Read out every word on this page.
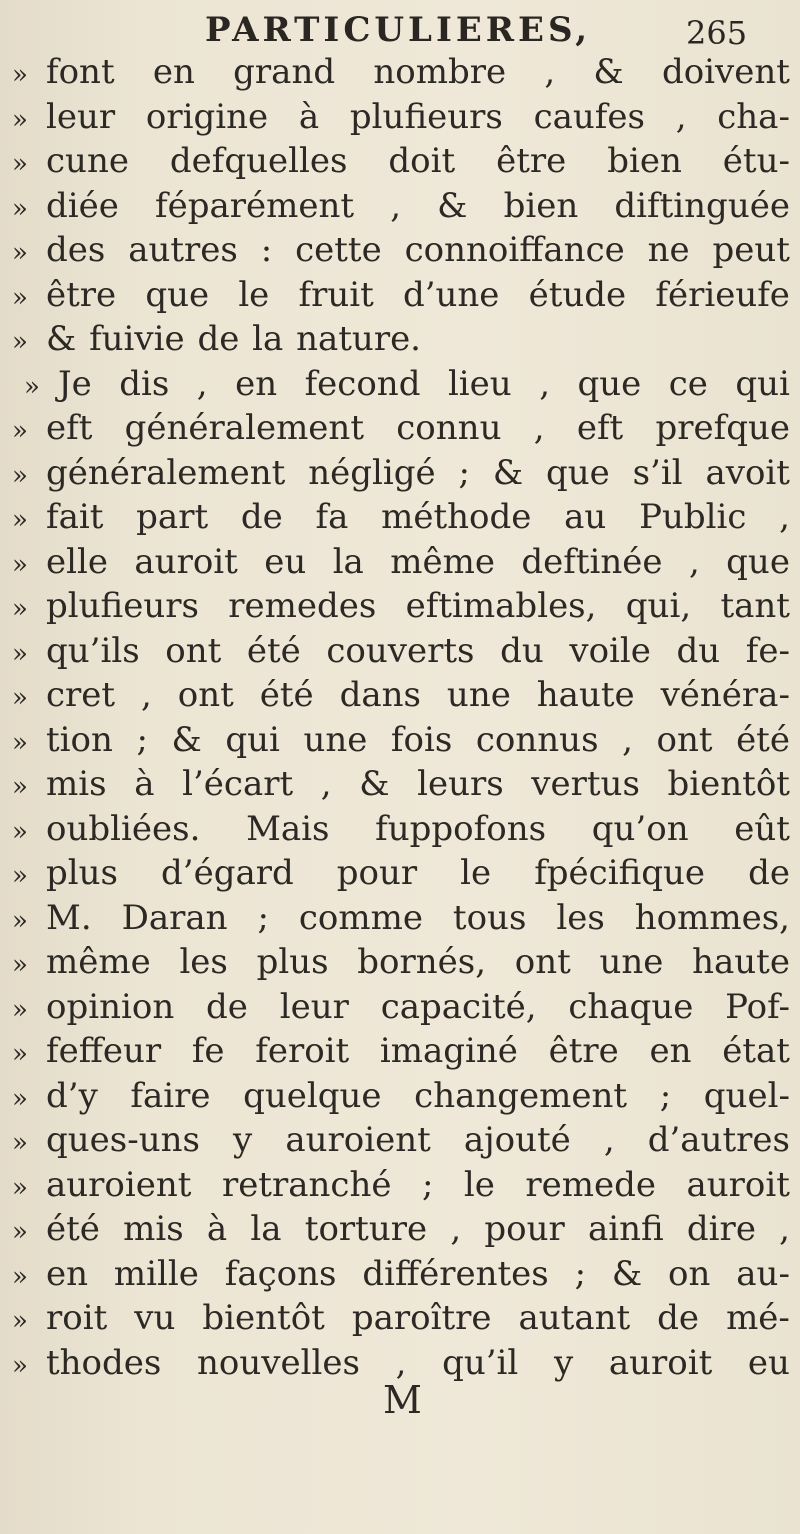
PARTICULIERES,	265
» font en grand nombre , & doivent
» leur origine à plufieurs caufes , cha-
» cune defquelles doit être bien étu-
» diée féparément , & bien diftinguée
» des autres : cette connoiffance ne peut
» être que le fruit d’une étude férieufe
» & fuivie de la nature.
» Je dis , en fecond lieu , que ce qui
» eft généralement connu , eft prefque
» généralement négligé ; & que s’il avoit
» fait part de fa méthode au Public ,
» elle auroit eu la même deftinée , que
» plufieurs remedes eftimables, qui, tant
» qu’ils ont été couverts du voile du fe-
» cret , ont été dans une haute vénéra-
» tion ; & qui une fois connus , ont été
» mis à l’écart , & leurs vertus bientôt
» oubliées. Mais fuppofons qu’on eût
» plus d’égard pour le fpécifique de
» M. Daran ; comme tous les hommes,
» même les plus bornés, ont une haute
» opinion de leur capacité, chaque Pof-
» feffeur fe feroit imaginé être en état
» d’y faire quelque changement ; quel-
» ques-uns y auroient ajouté , d’autres
» auroient retranché ; le remede auroit
» été mis à la torture , pour ainfi dire ,
» en mille façons différentes ; & on au-
» roit vu bientôt paroître autant de mé-
» thodes nouvelles , qu’il y auroit eu
M
